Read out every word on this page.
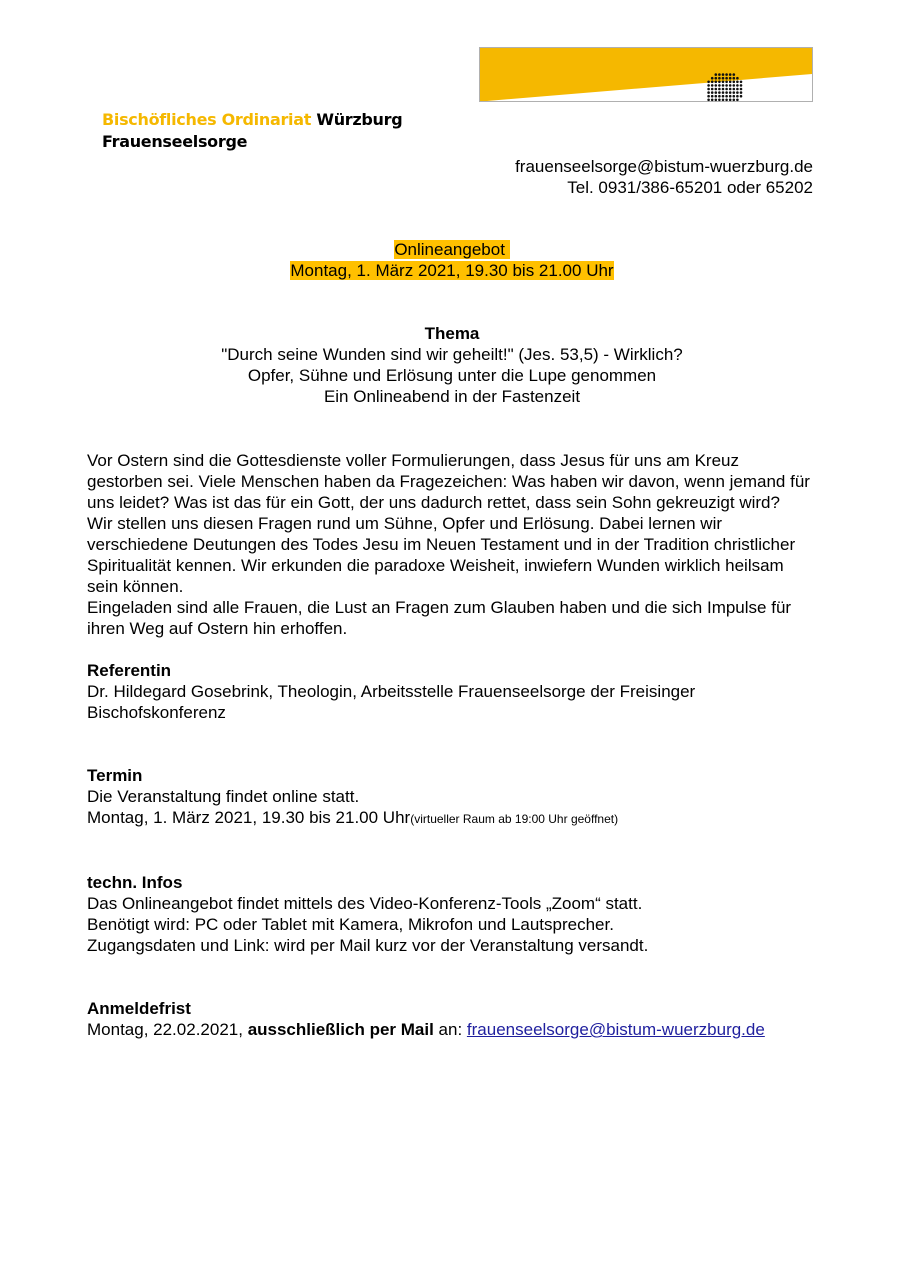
Bischöfliches Ordinariat Würzburg
Frauenseelsorge
frauenseelsorge@bistum-wuerzburg.de
Tel. 0931/386-65201 oder 65202
Onlineangebot
Montag, 1. März 2021, 19.30 bis 21.00 Uhr
Thema
"Durch seine Wunden sind wir geheilt!" (Jes. 53,5) - Wirklich?
Opfer, Sühne und Erlösung unter die Lupe genommen
Ein Onlineabend in der Fastenzeit

Vor Ostern sind die Gottesdienste voller Formulierungen, dass Jesus für uns am Kreuz gestorben sei. Viele Menschen haben da Fragezeichen: Was haben wir davon, wenn jemand für uns leidet? Was ist das für ein Gott, der uns dadurch rettet, dass sein Sohn gekreuzigt wird?

Wir stellen uns diesen Fragen rund um Sühne, Opfer und Erlösung. Dabei lernen wir verschiedene Deutungen des Todes Jesu im Neuen Testament und in der Tradition christlicher Spiritualität kennen. Wir erkunden die paradoxe Weisheit, inwiefern Wunden wirklich heilsam sein können.

Eingeladen sind alle Frauen, die Lust an Fragen zum Glauben haben und die sich Impulse für ihren Weg auf Ostern hin erhoffen.

Referentin
Dr. Hildegard Gosebrink, Theologin, Arbeitsstelle Frauenseelsorge der Freisinger Bischofskonferenz
Termin
Die Veranstaltung findet online statt.
Montag, 1. März 2021, 19.30 bis 21.00 Uhr(virtueller Raum ab 19:00 Uhr geöffnet)
techn. Infos
Das Onlineangebot findet mittels des Video-Konferenz-Tools „Zoom“ statt.
Benötigt wird: PC oder Tablet mit Kamera, Mikrofon und Lautsprecher.
Zugangsdaten und Link: wird per Mail kurz vor der Veranstaltung versandt.
Anmeldefrist
Montag, 22.02.2021, ausschließlich per Mail an: frauenseelsorge@bistum-wuerzburg.de
